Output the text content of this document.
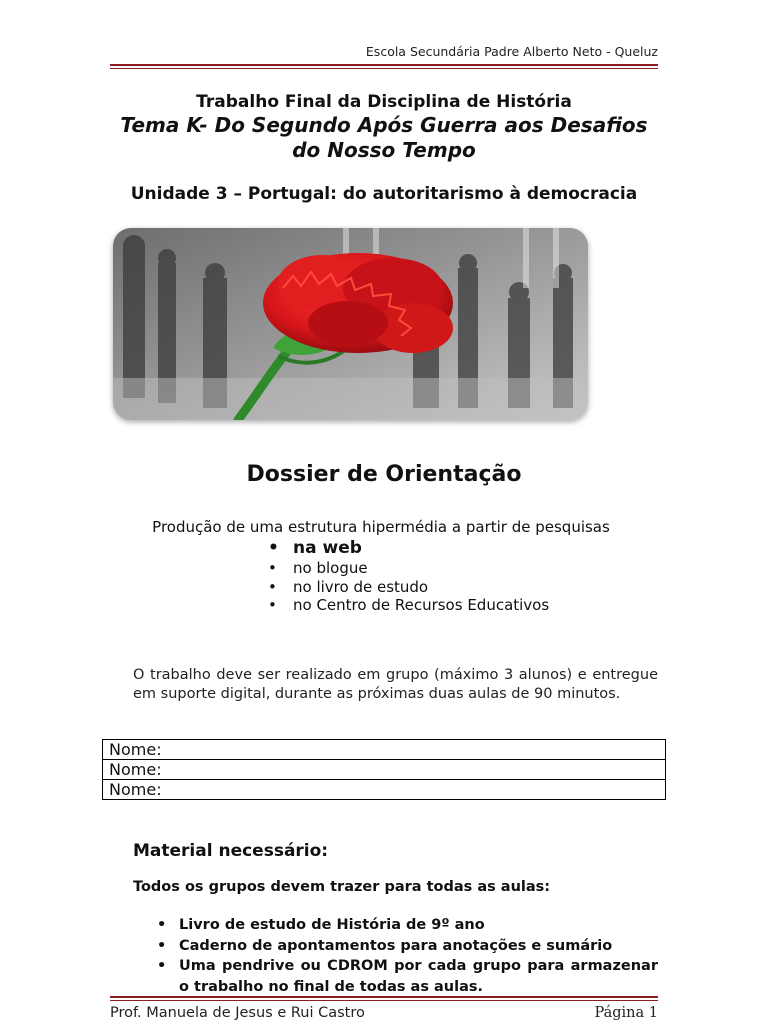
Escola Secundária Padre Alberto Neto - Queluz
Trabalho Final da Disciplina de História
Tema K- Do Segundo Após Guerra aos Desafios
do Nosso Tempo
Unidade 3 – Portugal: do autoritarismo à democracia
Dossier de Orientação
Produção de uma estrutura hipermédia a partir de pesquisas
• na web
• no blogue
• no livro de estudo
• no Centro de Recursos Educativos
O trabalho deve ser realizado em grupo (máximo 3 alunos) e entregue em suporte digital, durante as próximas duas aulas de 90 minutos.
Nome:
Nome:
Nome:
Material necessário:
Todos os grupos devem trazer para todas as aulas:
• Livro de estudo de História de 9º ano
• Caderno de apontamentos para anotações e sumário
• Uma pendrive ou CDROM por cada grupo para armazenar o trabalho no final de todas as aulas.
Prof. Manuela de Jesus e Rui Castro	Página 1
